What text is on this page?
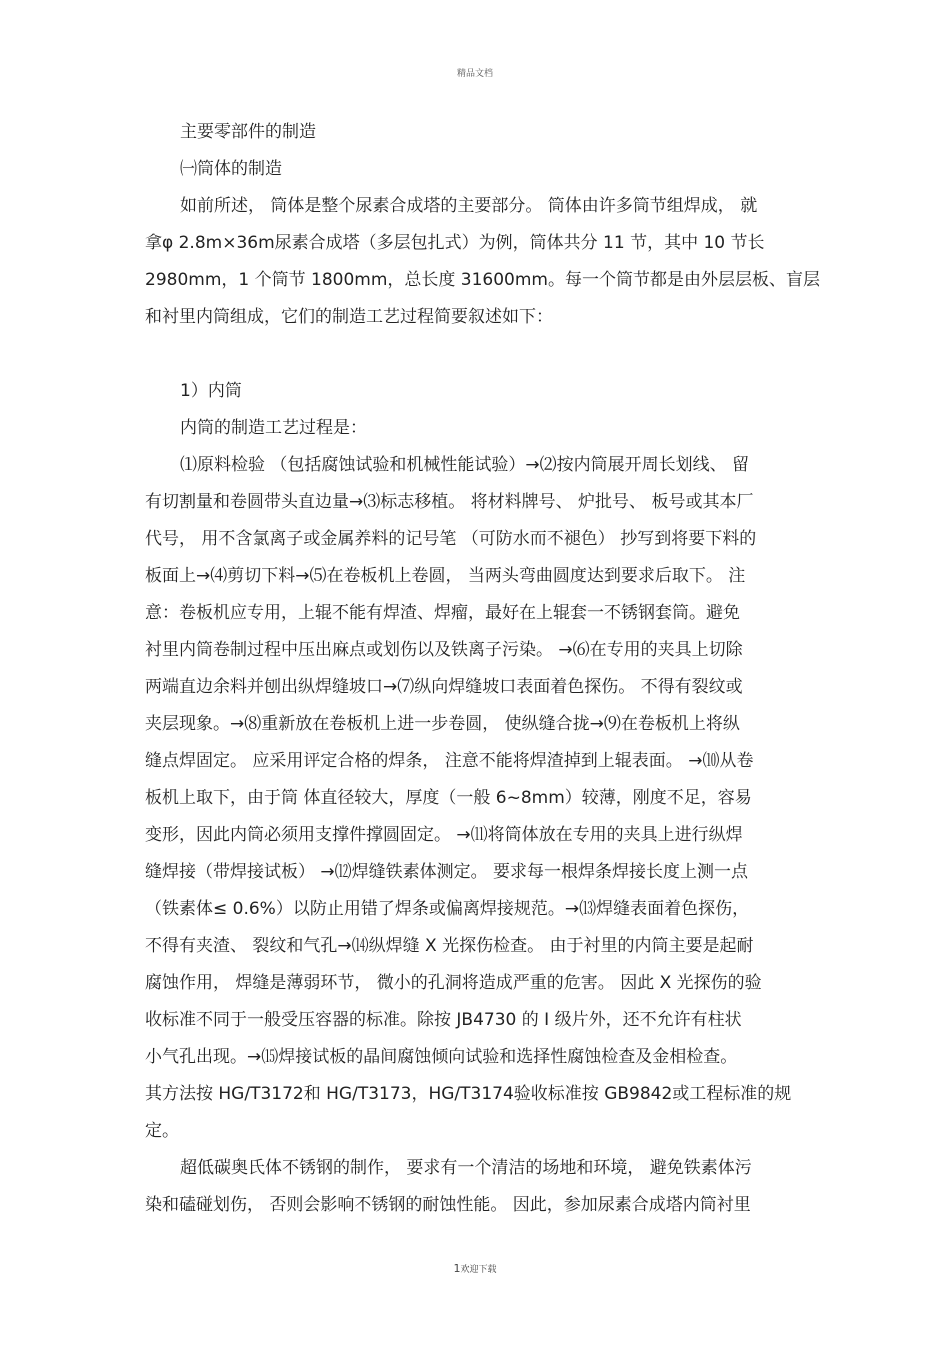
精品文档
主要零部件的制造
㈠筒体的制造
如前所述， 筒体是整个尿素合成塔的主要部分。 筒体由许多筒节组焊成， 就
拿φ 2.8m×36m尿素合成塔（多层包扎式）为例，筒体共分 11 节，其中 10 节长
2980mm，1 个筒节 1800mm，总长度 31600mm。每一个筒节都是由外层层板、盲层
和衬里内筒组成，它们的制造工艺过程简要叙述如下：
1）内筒
内筒的制造工艺过程是：
⑴原料检验 （包括腐蚀试验和机械性能试验）→⑵按内筒展开周长划线、 留
有切割量和卷圆带头直边量→⑶标志移植。 将材料牌号、 炉批号、 板号或其本厂
代号， 用不含氯离子或金属养料的记号笔 （可防水而不褪色） 抄写到将要下料的
板面上→⑷剪切下料→⑸在卷板机上卷圆， 当两头弯曲圆度达到要求后取下。 注
意：卷板机应专用，上辊不能有焊渣、焊瘤，最好在上辊套一不锈钢套筒。避免
衬里内筒卷制过程中压出麻点或划伤以及铁离子污染。 →⑹在专用的夹具上切除
两端直边余料并刨出纵焊缝坡口→⑺纵向焊缝坡口表面着色探伤。 不得有裂纹或
夹层现象。→⑻重新放在卷板机上进一步卷圆， 使纵缝合拢→⑼在卷板机上将纵
缝点焊固定。 应采用评定合格的焊条， 注意不能将焊渣掉到上辊表面。 →⑽从卷
板机上取下，由于筒 体直径较大，厚度（一般 6~8mm）较薄，刚度不足，容易
变形，因此内筒必须用支撑件撑圆固定。 →⑾将筒体放在专用的夹具上进行纵焊
缝焊接（带焊接试板） →⑿焊缝铁素体测定。 要求每一根焊条焊接长度上测一点
（铁素体≤ 0.6%）以防止用错了焊条或偏离焊接规范。→⒀焊缝表面着色探伤，
不得有夹渣、 裂纹和气孔→⒁纵焊缝 X 光探伤检查。 由于衬里的内筒主要是起耐
腐蚀作用， 焊缝是薄弱环节， 微小的孔洞将造成严重的危害。 因此 X 光探伤的验
收标准不同于一般受压容器的标准。除按 JB4730 的 Ⅰ 级片外，还不允许有柱状
小气孔出现。→⒂焊接试板的晶间腐蚀倾向试验和选择性腐蚀检查及金相检查。
其方法按 HG/T3172和 HG/T3173，HG/T3174验收标准按 GB9842或工程标准的规
定。
超低碳奥氏体不锈钢的制作， 要求有一个清洁的场地和环境， 避免铁素体污
染和磕碰划伤， 否则会影响不锈钢的耐蚀性能。 因此，参加尿素合成塔内筒衬里
1欢迎下载
